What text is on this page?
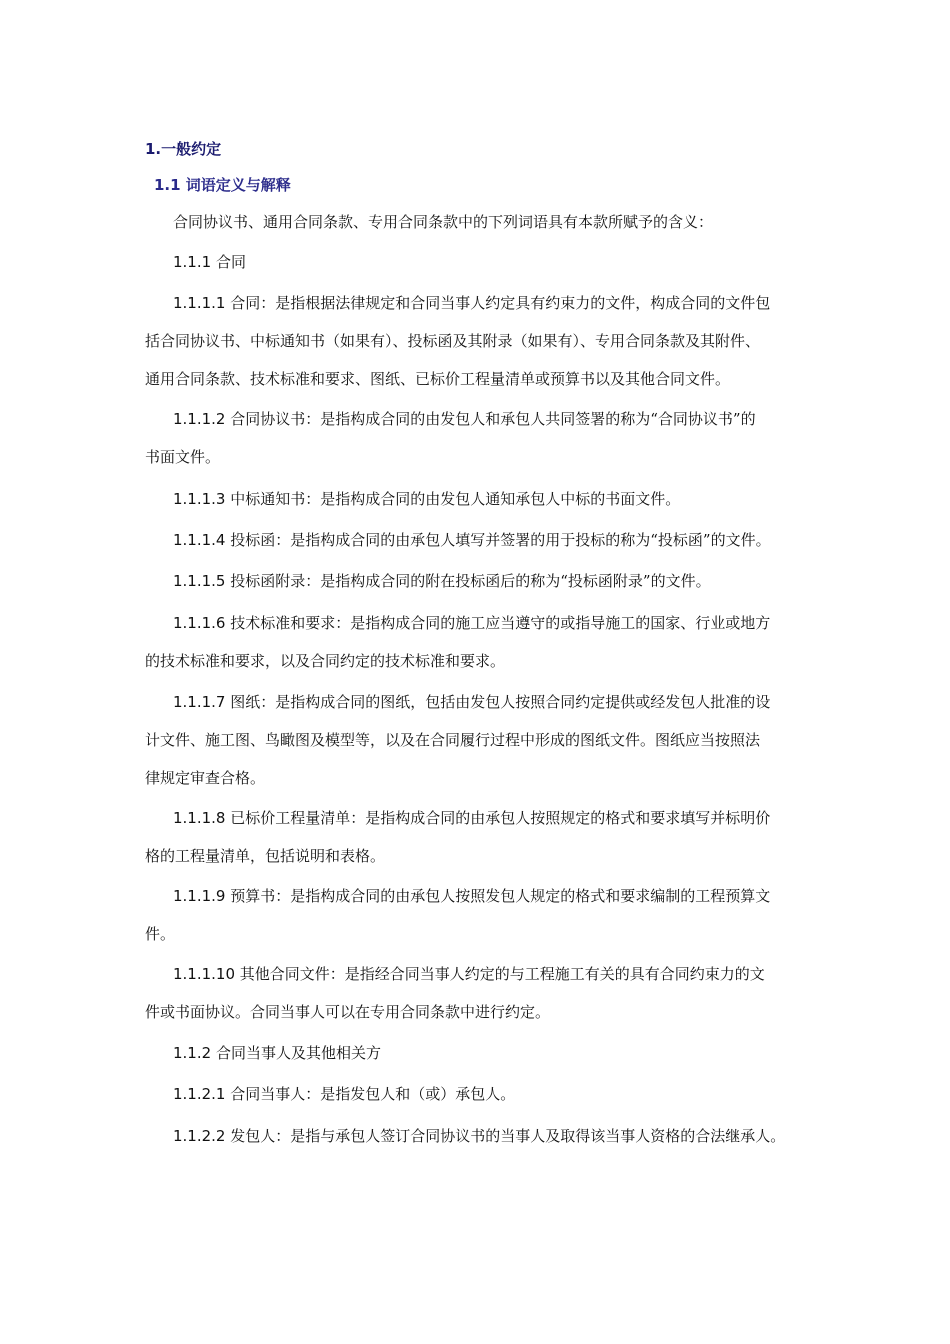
1.一般约定
1.1 词语定义与解释

合同协议书、通用合同条款、专用合同条款中的下列词语具有本款所赋予的含义：

1.1.1 合同

1.1.1.1 合同：是指根据法律规定和合同当事人约定具有约束力的文件，构成合同的文件包
括合同协议书、中标通知书（如果有）、投标函及其附录（如果有）、专用合同条款及其附件、
通用合同条款、技术标准和要求、图纸、已标价工程量清单或预算书以及其他合同文件。

1.1.1.2 合同协议书：是指构成合同的由发包人和承包人共同签署的称为“合同协议书”的
书面文件。

1.1.1.3 中标通知书：是指构成合同的由发包人通知承包人中标的书面文件。

1.1.1.4 投标函：是指构成合同的由承包人填写并签署的用于投标的称为“投标函”的文件。

1.1.1.5 投标函附录：是指构成合同的附在投标函后的称为“投标函附录”的文件。

1.1.1.6 技术标准和要求：是指构成合同的施工应当遵守的或指导施工的国家、行业或地方
的技术标准和要求，以及合同约定的技术标准和要求。

1.1.1.7 图纸：是指构成合同的图纸，包括由发包人按照合同约定提供或经发包人批准的设
计文件、施工图、鸟瞰图及模型等，以及在合同履行过程中形成的图纸文件。图纸应当按照法
律规定审查合格。

1.1.1.8 已标价工程量清单：是指构成合同的由承包人按照规定的格式和要求填写并标明价
格的工程量清单，包括说明和表格。

1.1.1.9 预算书：是指构成合同的由承包人按照发包人规定的格式和要求编制的工程预算文
件。

1.1.1.10 其他合同文件：是指经合同当事人约定的与工程施工有关的具有合同约束力的文
件或书面协议。合同当事人可以在专用合同条款中进行约定。

1.1.2 合同当事人及其他相关方

1.1.2.1 合同当事人：是指发包人和（或）承包人。

1.1.2.2 发包人：是指与承包人签订合同协议书的当事人及取得该当事人资格的合法继承人。
